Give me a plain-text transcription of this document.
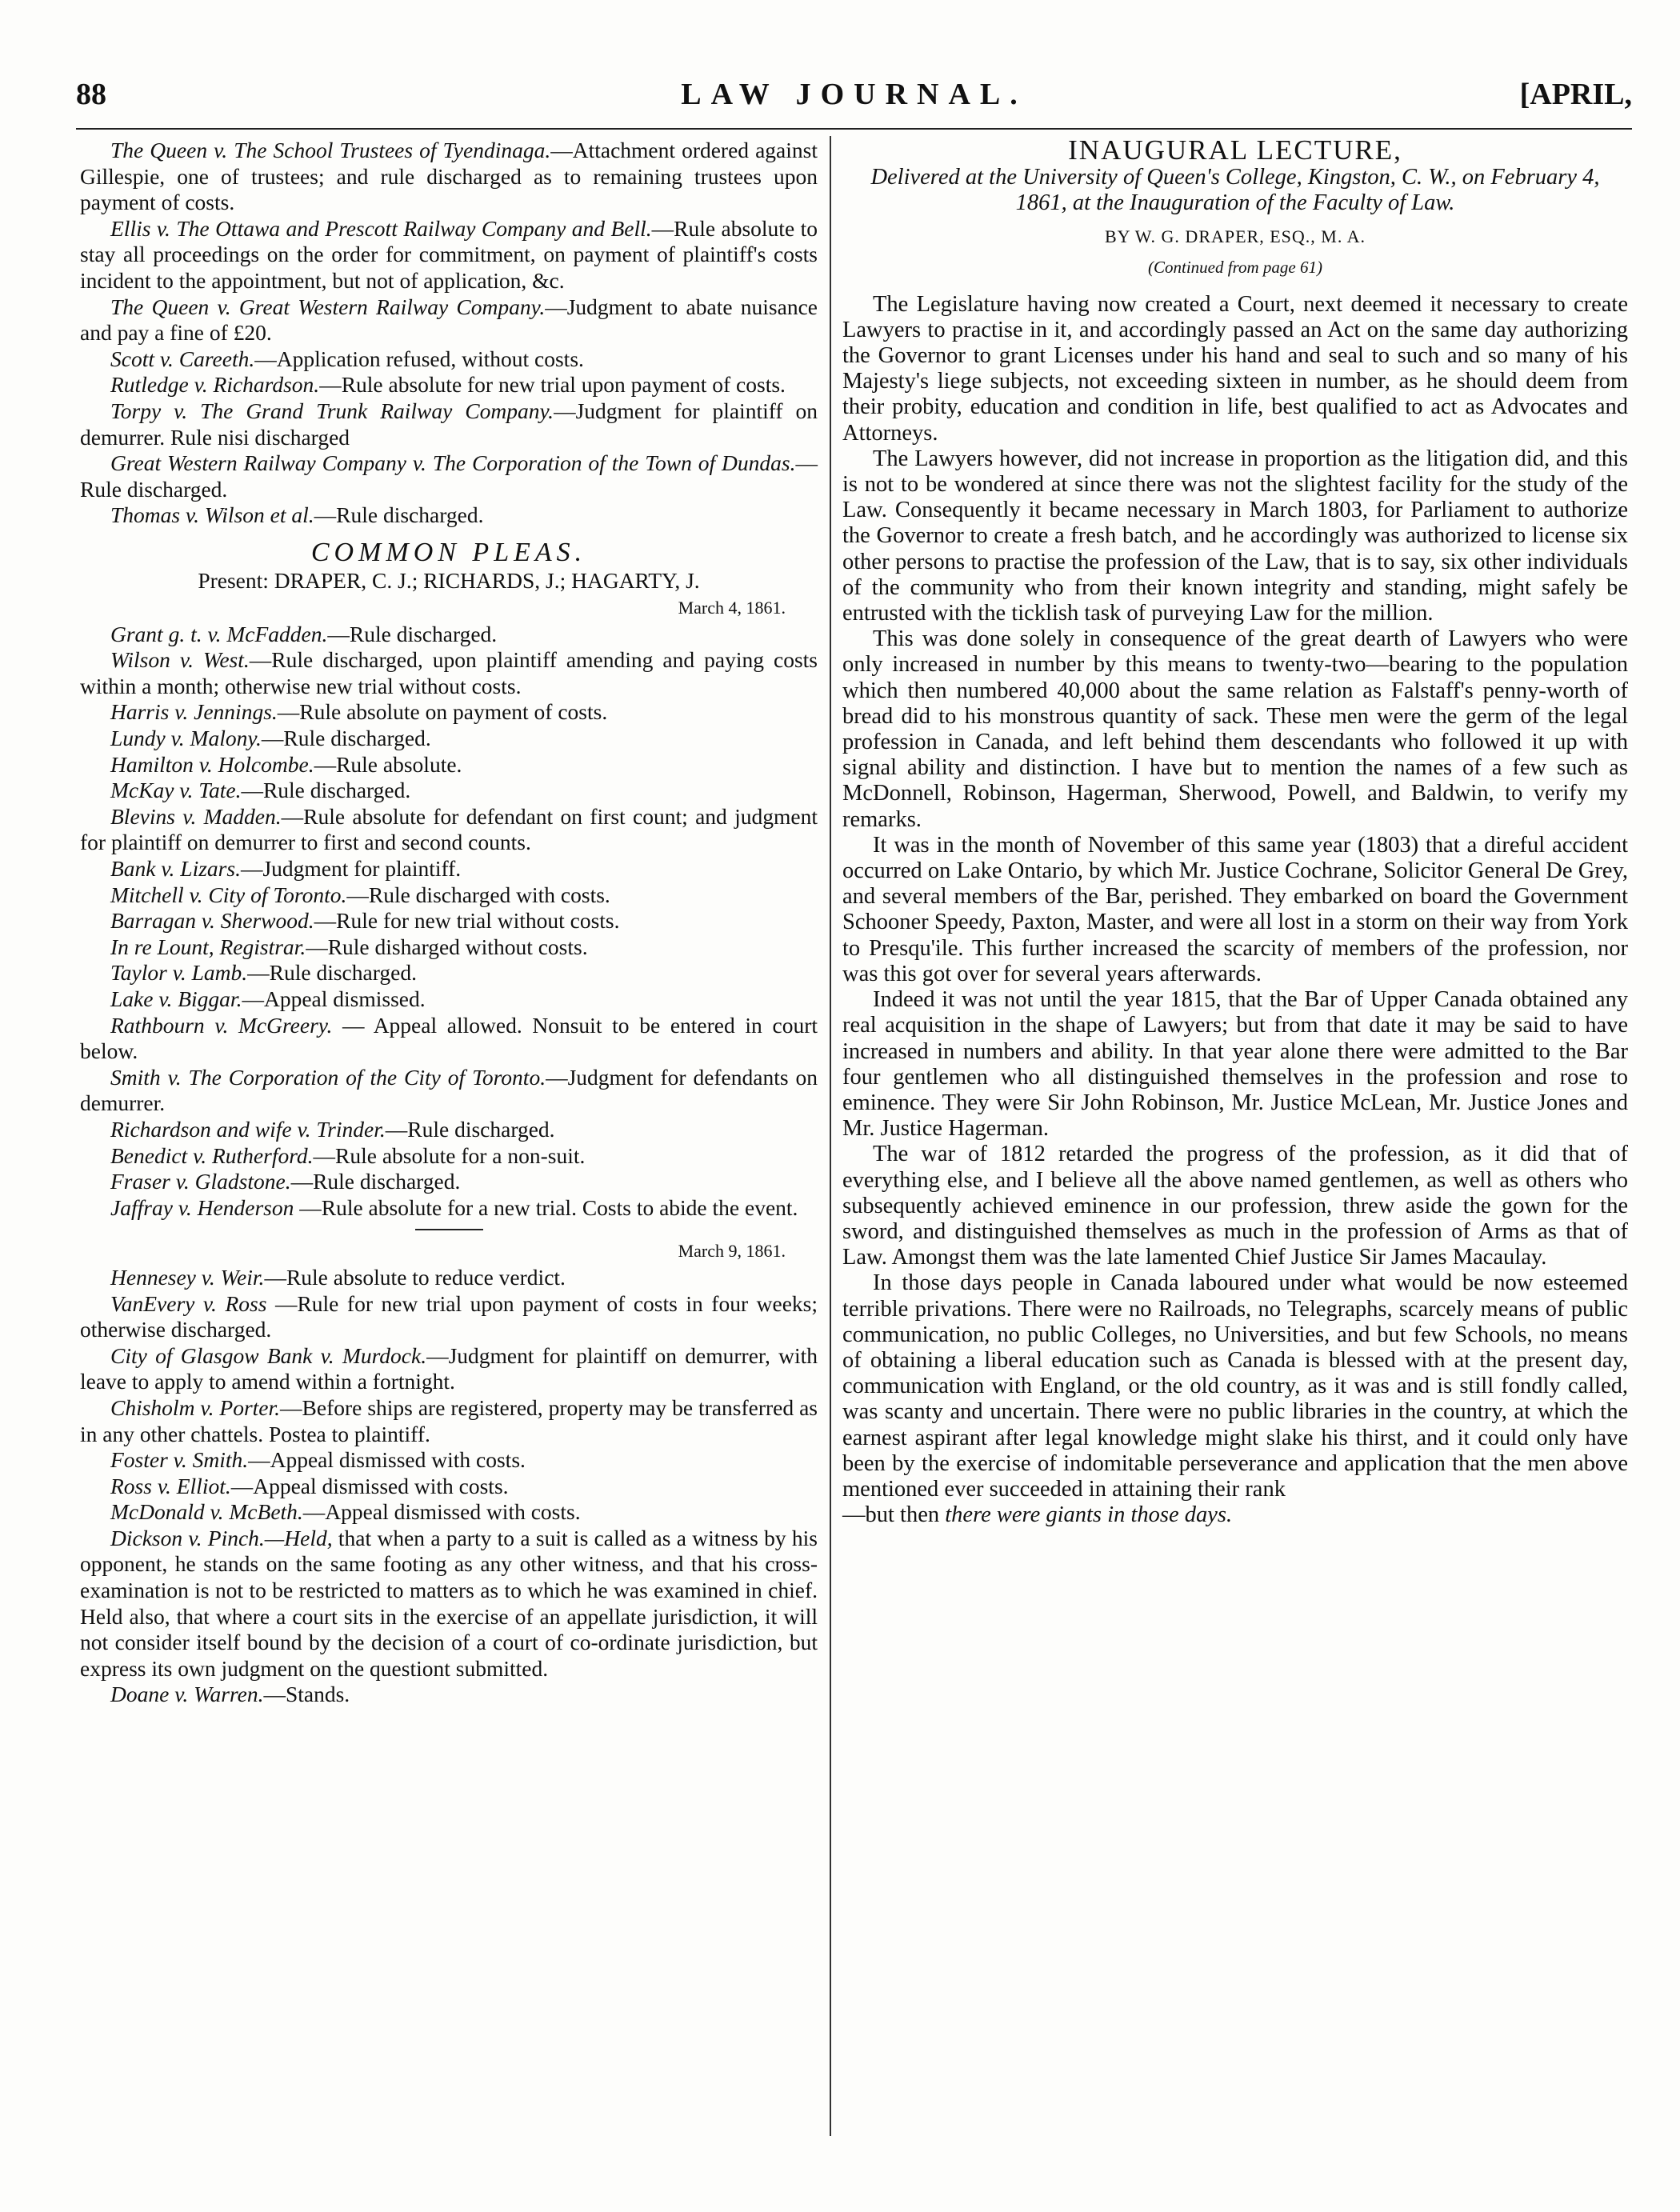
88	LAW JOURNAL.	[APRIL,

The Queen v. The School Trustees of Tyendinaga.—Attachment ordered against Gillespie, one of trustees; and rule discharged as to remaining trustees upon payment of costs.

Ellis v. The Ottawa and Prescott Railway Company and Bell.—Rule absolute to stay all proceedings on the order for commitment, on payment of plaintiff's costs incident to the appointment, but not of application, &c.

The Queen v. Great Western Railway Company.—Judgment to abate nuisance and pay a fine of £20.

Scott v. Careeth.—Application refused, without costs.

Rutledge v. Richardson.—Rule absolute for new trial upon payment of costs.

Torpy v. The Grand Trunk Railway Company.—Judgment for plaintiff on demurrer. Rule nisi discharged

Great Western Railway Company v. The Corporation of the Town of Dundas.—Rule discharged.

Thomas v. Wilson et al.—Rule discharged.

COMMON PLEAS.
Present: DRAPER, C. J.; RICHARDS, J.; HAGARTY, J.

March 4, 1861.

Grant g. t. v. McFadden.—Rule discharged.

Wilson v. West.—Rule discharged, upon plaintiff amending and paying costs within a month; otherwise new trial without costs.

Harris v. Jennings.—Rule absolute on payment of costs.

Lundy v. Malony.—Rule discharged.

Hamilton v. Holcombe.—Rule absolute.

McKay v. Tate.—Rule discharged.

Blevins v. Madden.—Rule absolute for defendant on first count; and judgment for plaintiff on demurrer to first and second counts.

Bank v. Lizars.—Judgment for plaintiff.

Mitchell v. City of Toronto.—Rule discharged with costs.

Barragan v. Sherwood.—Rule for new trial without costs.

In re Lount, Registrar.—Rule disharged without costs.

Taylor v. Lamb.—Rule discharged.

Lake v. Biggar.—Appeal dismissed.

Rathbourn v. McGreery. — Appeal allowed. Nonsuit to be entered in court below.

Smith v. The Corporation of the City of Toronto.—Judgment for defendants on demurrer.

Richardson and wife v. Trinder.—Rule discharged.

Benedict v. Rutherford.—Rule absolute for a non-suit.

Fraser v. Gladstone.—Rule discharged.

Jaffray v. Henderson —Rule absolute for a new trial. Costs to abide the event.

March 9, 1861.

Hennesey v. Weir.—Rule absolute to reduce verdict.

VanEvery v. Ross —Rule for new trial upon payment of costs in four weeks; otherwise discharged.

City of Glasgow Bank v. Murdock.—Judgment for plaintiff on demurrer, with leave to apply to amend within a fortnight.

Chisholm v. Porter.—Before ships are registered, property may be transferred as in any other chattels. Postea to plaintiff.

Foster v. Smith.—Appeal dismissed with costs.

Ross v. Elliot.—Appeal dismissed with costs.

McDonald v. McBeth.—Appeal dismissed with costs.

Dickson v. Pinch.—Held, that when a party to a suit is called as a witness by his opponent, he stands on the same footing as any other witness, and that his cross-examination is not to be restricted to matters as to which he was examined in chief. Held also, that where a court sits in the exercise of an appellate jurisdiction, it will not consider itself bound by the decision of a court of co-ordinate jurisdiction, but express its own judgment on the questiont submitted.

Doane v. Warren.—Stands.

INAUGURAL LECTURE,
Delivered at the University of Queen's College, Kingston, C. W., on February 4, 1861, at the Inauguration of the Faculty of Law.
BY W. G. DRAPER, ESQ., M. A.
(Continued from page 61)

The Legislature having now created a Court, next deemed it necessary to create Lawyers to practise in it, and accordingly passed an Act on the same day authorizing the Governor to grant Licenses under his hand and seal to such and so many of his Majesty's liege subjects, not exceeding sixteen in number, as he should deem from their probity, education and condition in life, best qualified to act as Advocates and Attorneys.

The Lawyers however, did not increase in proportion as the litigation did, and this is not to be wondered at since there was not the slightest facility for the study of the Law. Consequently it became necessary in March 1803, for Parliament to authorize the Governor to create a fresh batch, and he accordingly was authorized to license six other persons to practise the profession of the Law, that is to say, six other individuals of the community who from their known integrity and standing, might safely be entrusted with the ticklish task of purveying Law for the million.

This was done solely in consequence of the great dearth of Lawyers who were only increased in number by this means to twenty-two—bearing to the population which then numbered 40,000 about the same relation as Falstaff's penny-worth of bread did to his monstrous quantity of sack. These men were the germ of the legal profession in Canada, and left behind them descendants who followed it up with signal ability and distinction. I have but to mention the names of a few such as McDonnell, Robinson, Hagerman, Sherwood, Powell, and Baldwin, to verify my remarks.

It was in the month of November of this same year (1803) that a direful accident occurred on Lake Ontario, by which Mr. Justice Cochrane, Solicitor General De Grey, and several members of the Bar, perished. They embarked on board the Government Schooner Speedy, Paxton, Master, and were all lost in a storm on their way from York to Presqu'ile. This further increased the scarcity of members of the profession, nor was this got over for several years afterwards.

Indeed it was not until the year 1815, that the Bar of Upper Canada obtained any real acquisition in the shape of Lawyers; but from that date it may be said to have increased in numbers and ability. In that year alone there were admitted to the Bar four gentlemen who all distinguished themselves in the profession and rose to eminence. They were Sir John Robinson, Mr. Justice McLean, Mr. Justice Jones and Mr. Justice Hagerman.

The war of 1812 retarded the progress of the profession, as it did that of everything else, and I believe all the above named gentlemen, as well as others who subsequently achieved eminence in our profession, threw aside the gown for the sword, and distinguished themselves as much in the profession of Arms as that of Law. Amongst them was the late lamented Chief Justice Sir James Macaulay.

In those days people in Canada laboured under what would be now esteemed terrible privations. There were no Railroads, no Telegraphs, scarcely means of public communication, no public Colleges, no Universities, and but few Schools, no means of obtaining a liberal education such as Canada is blessed with at the present day, communication with England, or the old country, as it was and is still fondly called, was scanty and uncertain. There were no public libraries in the country, at which the earnest aspirant after legal knowledge might slake his thirst, and it could only have been by the exercise of indomitable perseverance and application that the men above mentioned ever succeeded in attaining their rank

—but then there were giants in those days.
